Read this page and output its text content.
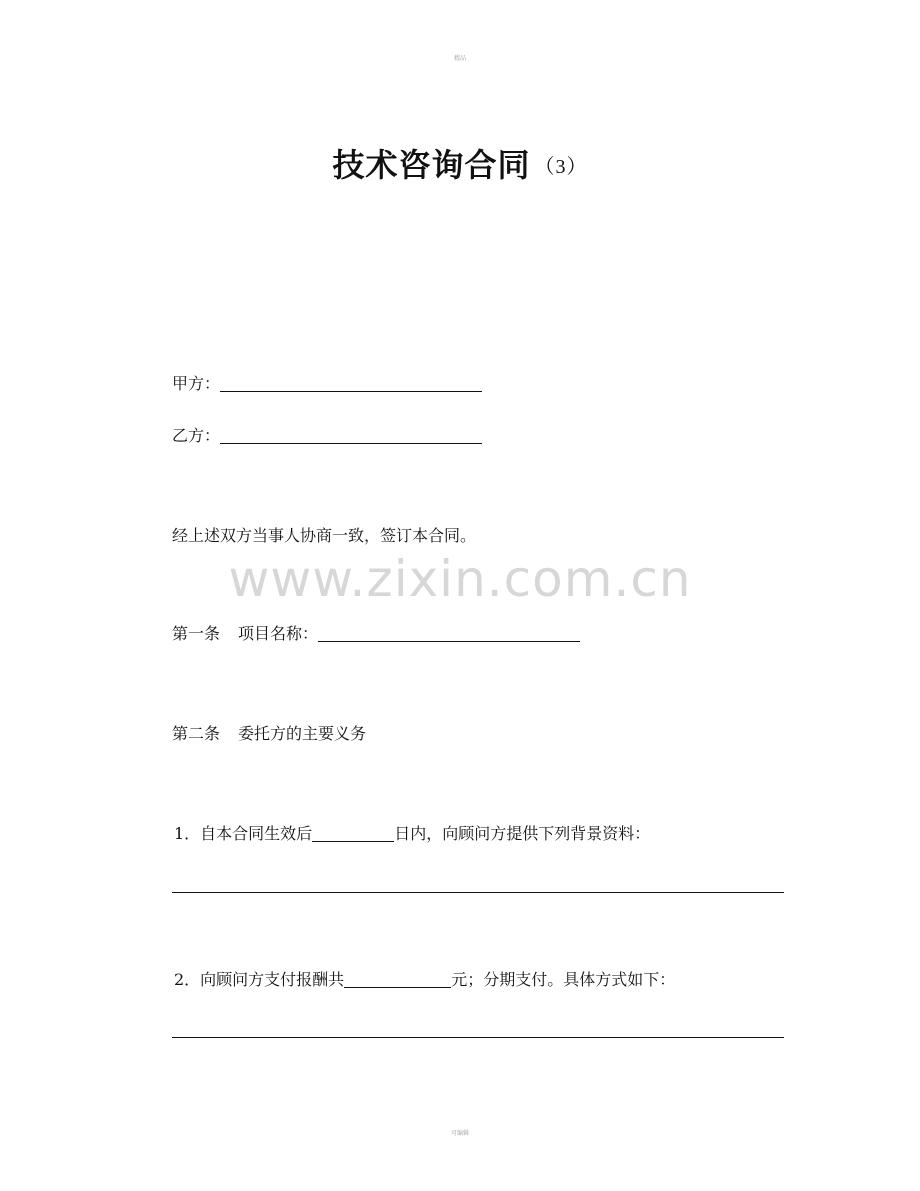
精品
技术咨询合同 （3）
甲方：
乙方：
经上述双方当事人协商一致，签订本合同。
www.zixin.com.cn
第一条 项目名称：
第二条 委托方的主要义务
1．自本合同生效后	日内，向顾问方提供下列背景资料：
2．向顾问方支付报酬共	元；分期支付。具体方式如下：
可编辑
